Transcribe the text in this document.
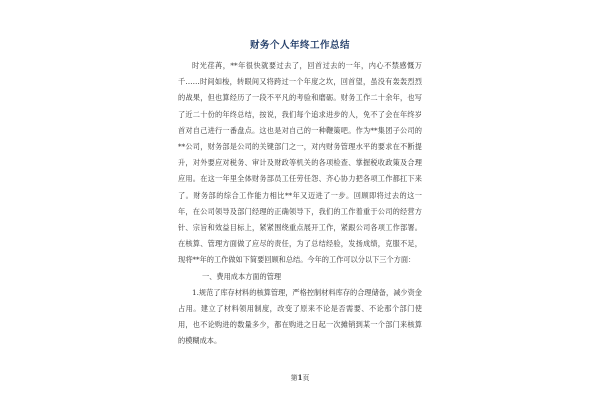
财务个人年终工作总结

时光荏苒，**年很快就要过去了，回首过去的一年，内心不禁感慨万千……时间如梭，转眼间又将跨过一个年度之坎，回首望，虽没有轰轰烈烈的战果，但也算经历了一段不平凡的考验和磨砺。财务工作二十余年，也写了近二十份的年终总结，按说，我们每个追求进步的人，免不了会在年终岁首对自己进行一番盘点。这也是对自己的一种鞭策吧。作为**集团子公司的**公司，财务部是公司的关键部门之一，对内财务管理水平的要求在不断提升，对外要应对税务、审计及财政等机关的各项检查、掌握税收政策及合理应用。在这一年里全体财务部员工任劳任怨、齐心协力把各项工作都扛下来了。财务部的综合工作能力相比**年又迈进了一步。回顾即将过去的这一年，在公司领导及部门经理的正确领导下，我们的工作着重于公司的经营方针、宗旨和效益目标上，紧紧围绕重点展开工作，紧跟公司各项工作部署。在核算、管理方面做了应尽的责任，为了总结经验，发扬成绩，克服不足，现将**年的工作做如下简要回顾和总结。今年的工作可以分以下三个方面：

一、费用成本方面的管理

1.规范了库存材料的核算管理，严格控制材料库存的合理储备，减少资金占用。建立了材料领用制度，改变了原来不论是否需要、不论那个部门使用，也不论购进的数量多少，都在购进之日起一次摊销到某一个部门来核算的模糊成本。

第1页
